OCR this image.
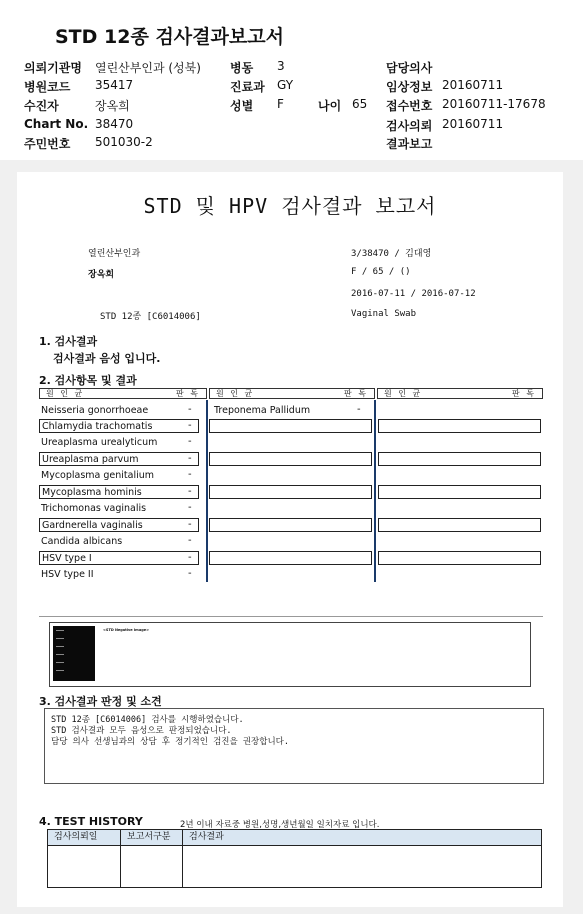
STD 12종 검사결과보고서
의뢰기관명 열린산부인과 (성북)
병원코드 35417
수진자	장옥희
Chart No. 38470
주민번호 501030-2
병동 3
진료과 GY
성별 F	나이 65
담당의사
임상정보 20160711
접수번호 20160711-17678
검사의뢰 20160711
결과보고
STD 및 HPV 검사결과 보고서
열린산부인과
장옥희
STD 12종 [C6014006]
3/38470 / 김대영
F / 65 / ()
2016-07-11 / 2016-07-12
Vaginal Swab
1. 검사결과
검사결과 음성 입니다.
2. 검사항목 및 결과
원 인 균	판 독 원 인 균	판 독 원 인 균	판 독
Neisseria gonorrhoeae	-
Chlamydia trachomatis	-
Ureaplasma urealyticum	-
Ureaplasma parvum	-
Mycoplasma genitalium	-
Mycoplasma hominis	-
Trichomonas vaginalis	-
Gardnerella vaginalis	-
Candida albicans	-
HSV type I	-
HSV type II	-
Treponema Pallidum	-
<STD Negative Image>
3. 검사결과 판정 및 소견
STD 12종 [C6014006] 검사를 시행하였습니다.
STD 검사결과 모두 음성으로 판정되었습니다.
담당 의사 선생님과의 상담 후 정기적인 검진을 권장합니다.
4. TEST HISTORY	2년 이내 자료중 병원,성명,생년월일 일치자료 입니다.
검사의뢰일	보고서구분	검사결과
